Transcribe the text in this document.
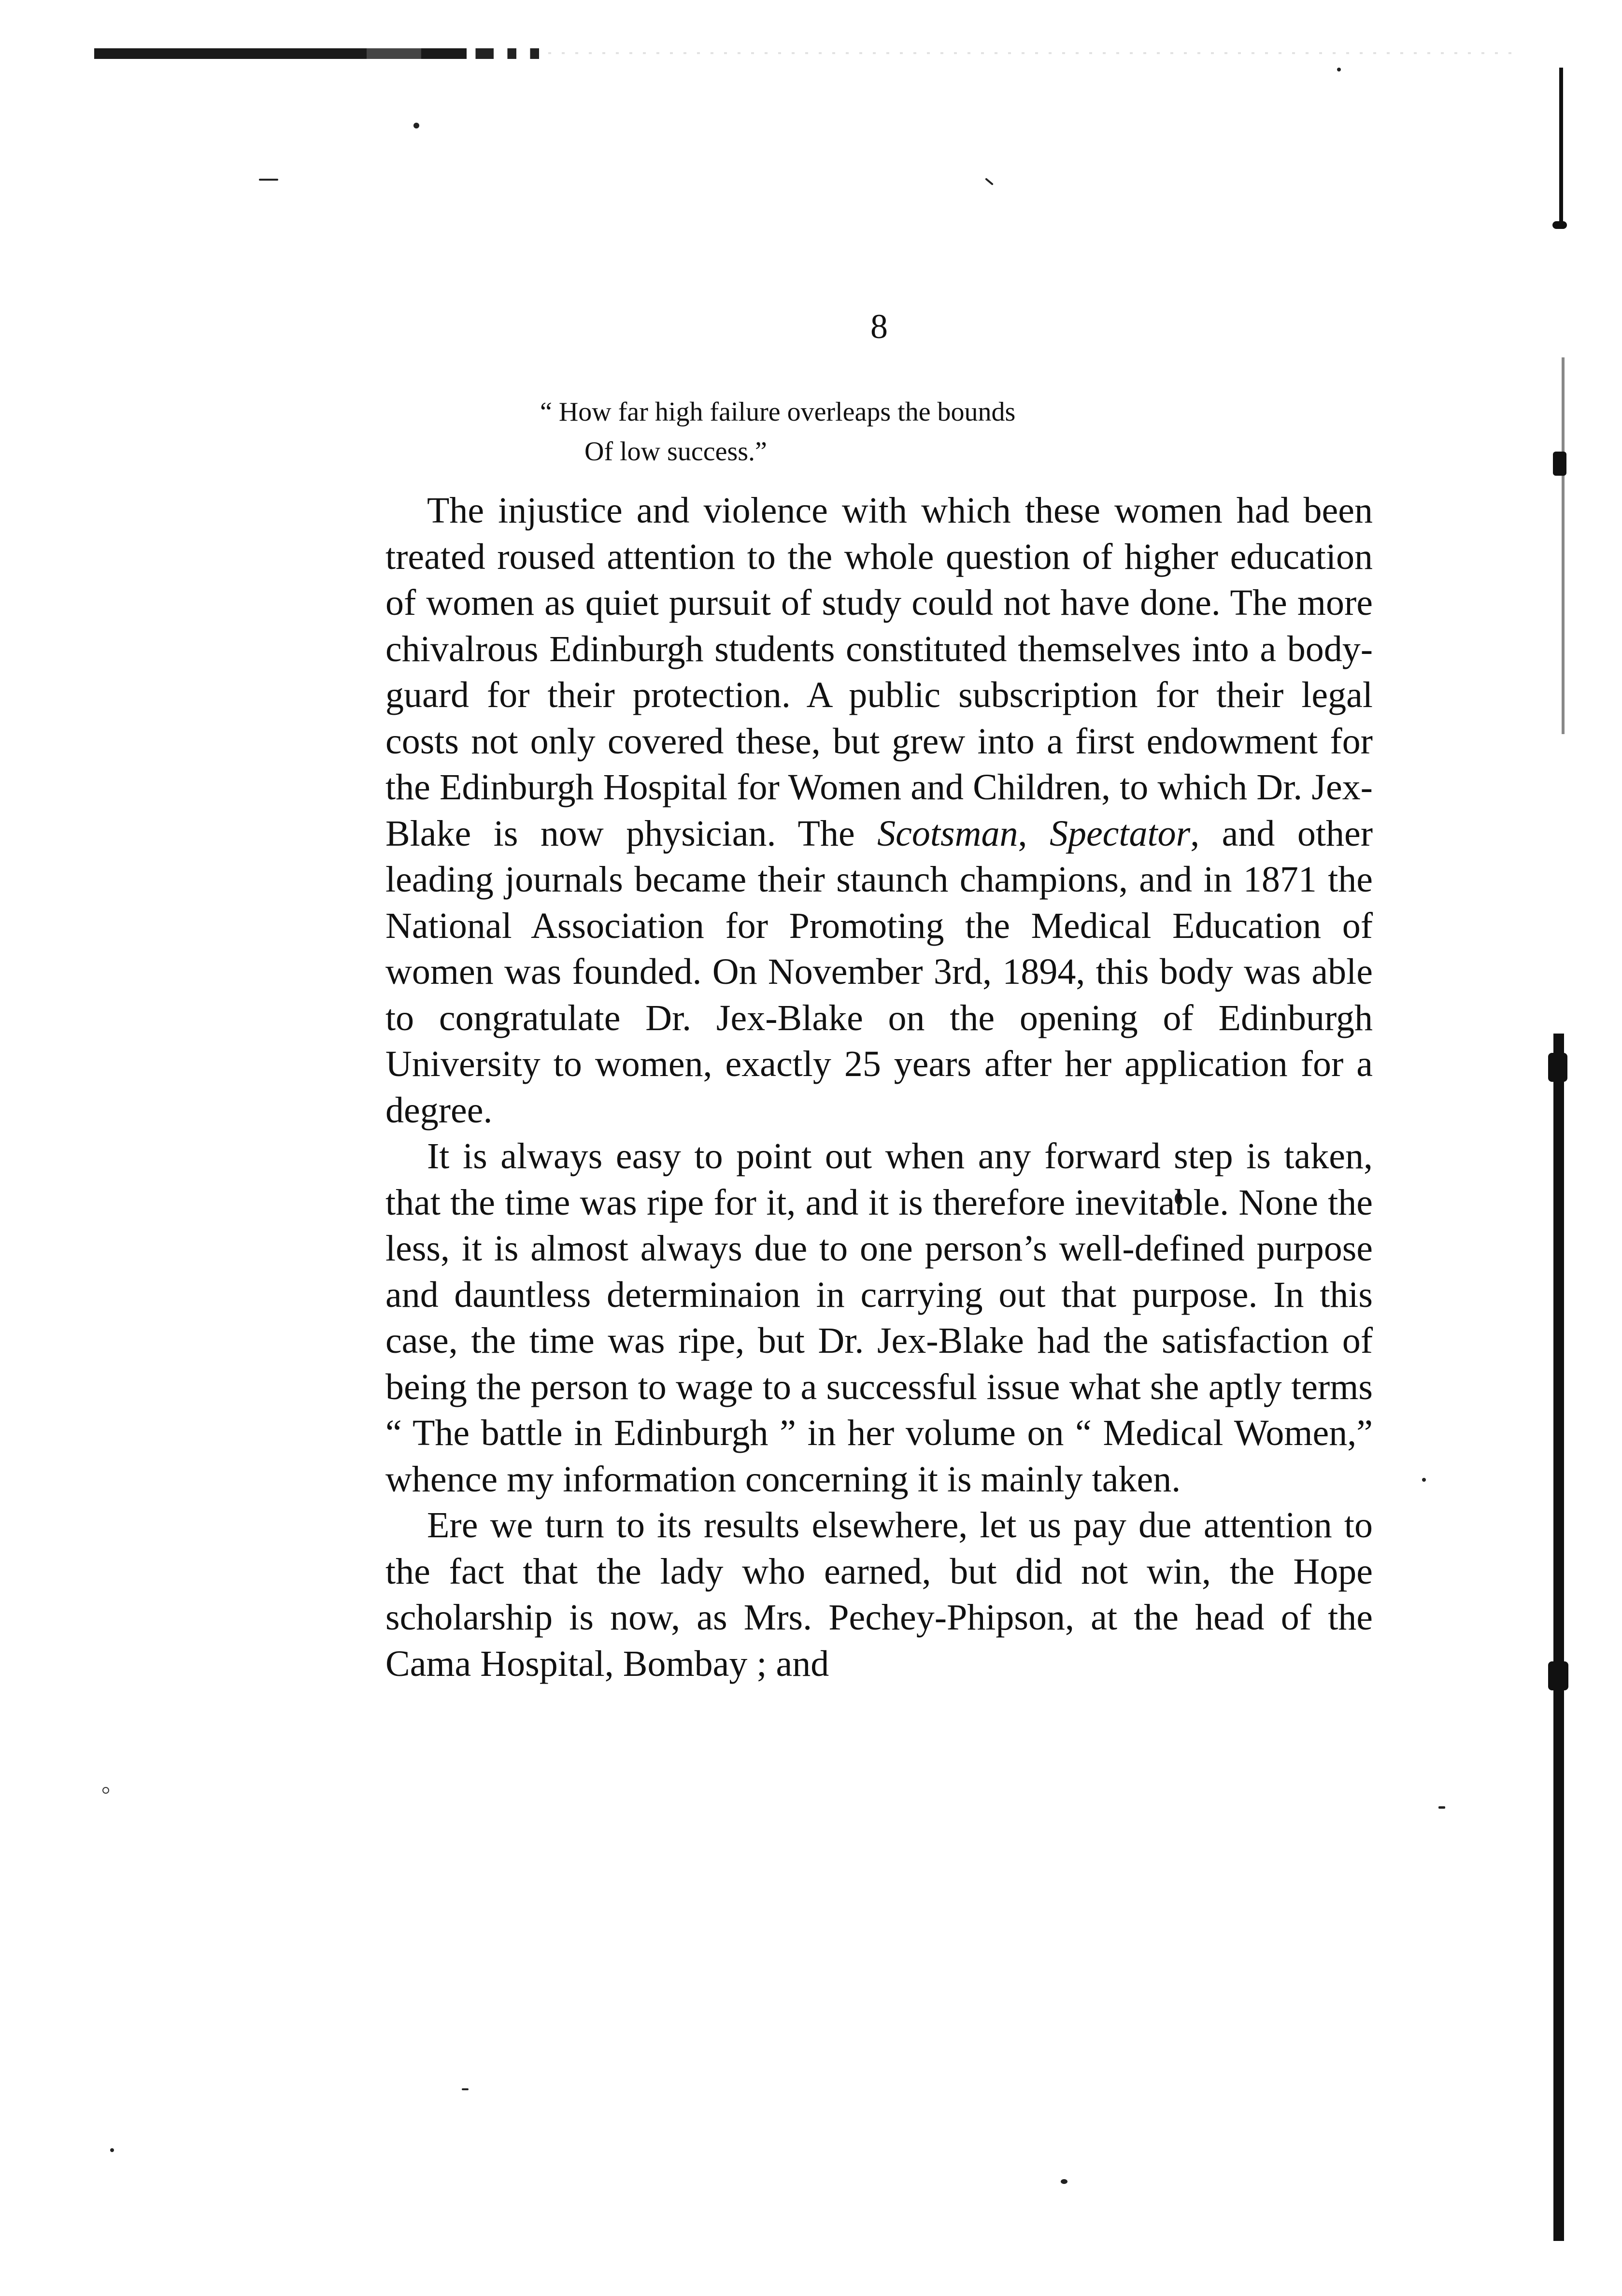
8
“ How far high failure overleaps the bounds
Of low success.”

The injustice and violence with which these women had been treated roused attention to the whole question of higher education of women as quiet pursuit of study could not have done. The more chivalrous Edinburgh students constituted themselves into a body-guard for their protection. A public subscription for their legal costs not only covered these, but grew into a first endowment for the Edinburgh Hospital for Women and Children, to which Dr. Jex-Blake is now physician. The Scotsman, Spectator, and other leading journals became their staunch champions, and in 1871 the National Association for Promoting the Medical Education of women was founded. On November 3rd, 1894, this body was able to congratulate Dr. Jex-Blake on the opening of Edinburgh University to women, exactly 25 years after her application for a degree.

It is always easy to point out when any forward step is taken, that the time was ripe for it, and it is therefore inevitable. None the less, it is almost always due to one person’s well-defined purpose and dauntless determinaion in carrying out that purpose. In this case, the time was ripe, but Dr. Jex-Blake had the satisfaction of being the person to wage to a successful issue what she aptly terms “ The battle in Edinburgh ” in her volume on “ Medical Women,” whence my information concerning it is mainly taken.

Ere we turn to its results elsewhere, let us pay due attention to the fact that the lady who earned, but did not win, the Hope scholarship is now, as Mrs. Pechey-Phipson, at the head of the Cama Hospital, Bombay ; and
